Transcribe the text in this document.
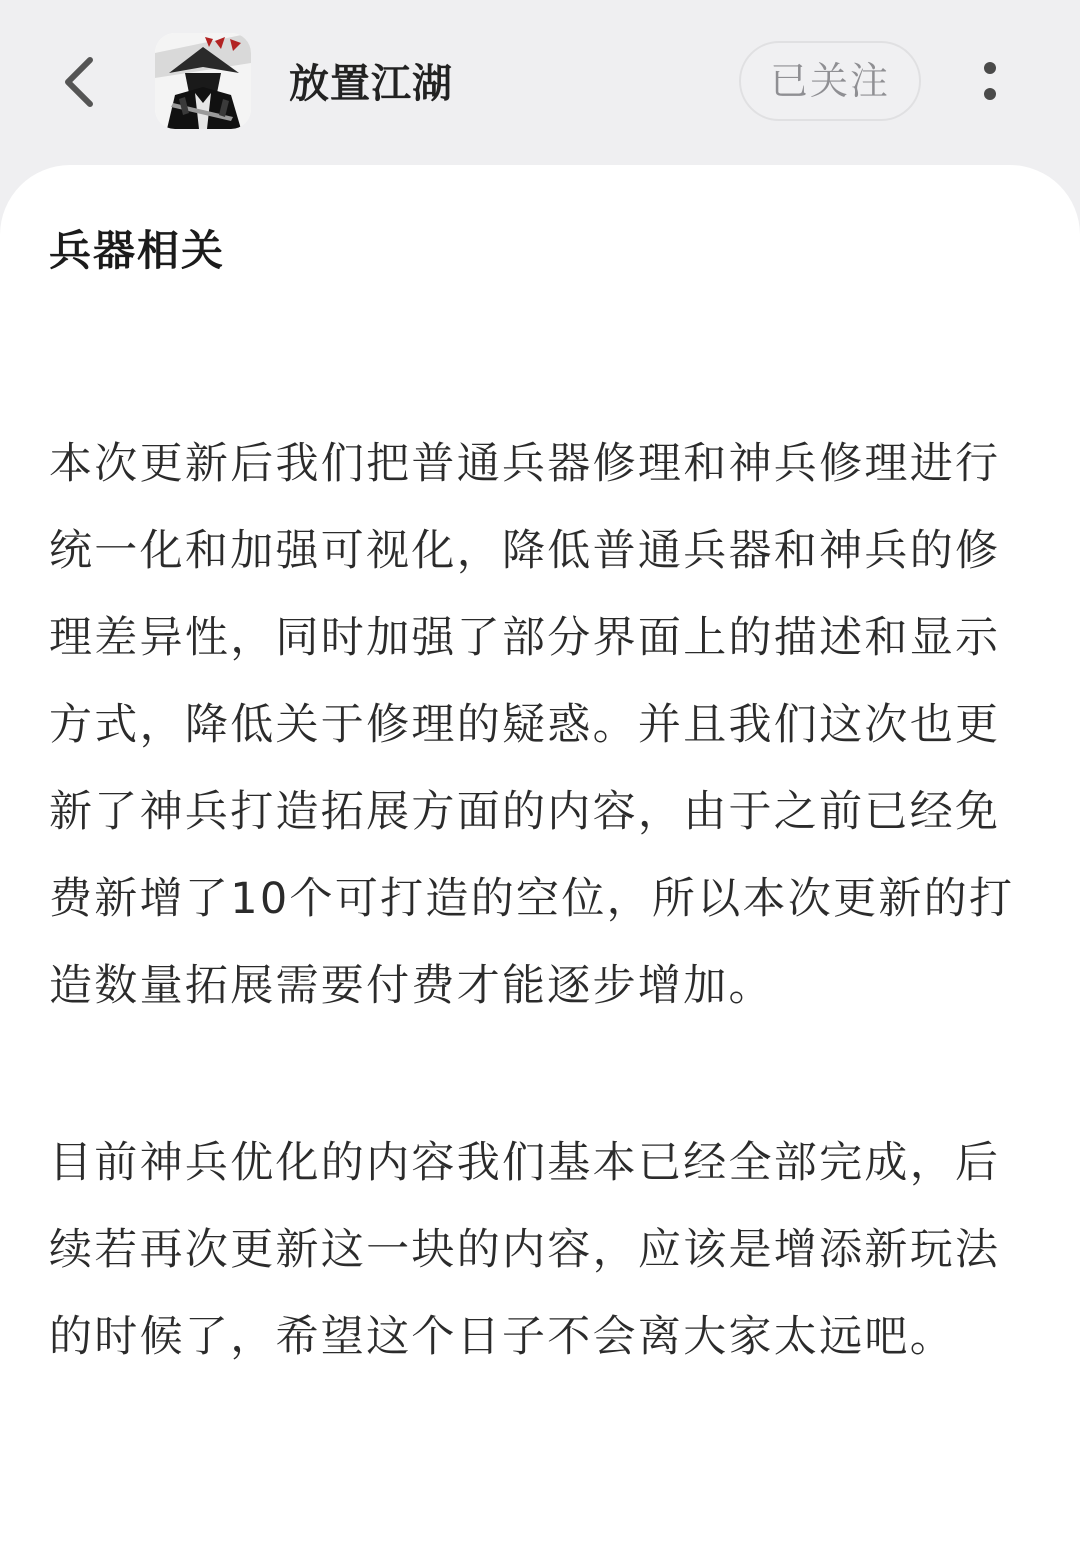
放置江湖	已关注
兵器相关
本次更新后我们把普通兵器修理和神兵修理进行统一化和加强可视化，降低普通兵器和神兵的修理差异性，同时加强了部分界面上的描述和显示方式，降低关于修理的疑惑。并且我们这次也更新了神兵打造拓展方面的内容，由于之前已经免费新增了10个可打造的空位，所以本次更新的打造数量拓展需要付费才能逐步增加。
目前神兵优化的内容我们基本已经全部完成，后续若再次更新这一块的内容，应该是增添新玩法的时候了，希望这个日子不会离大家太远吧。
